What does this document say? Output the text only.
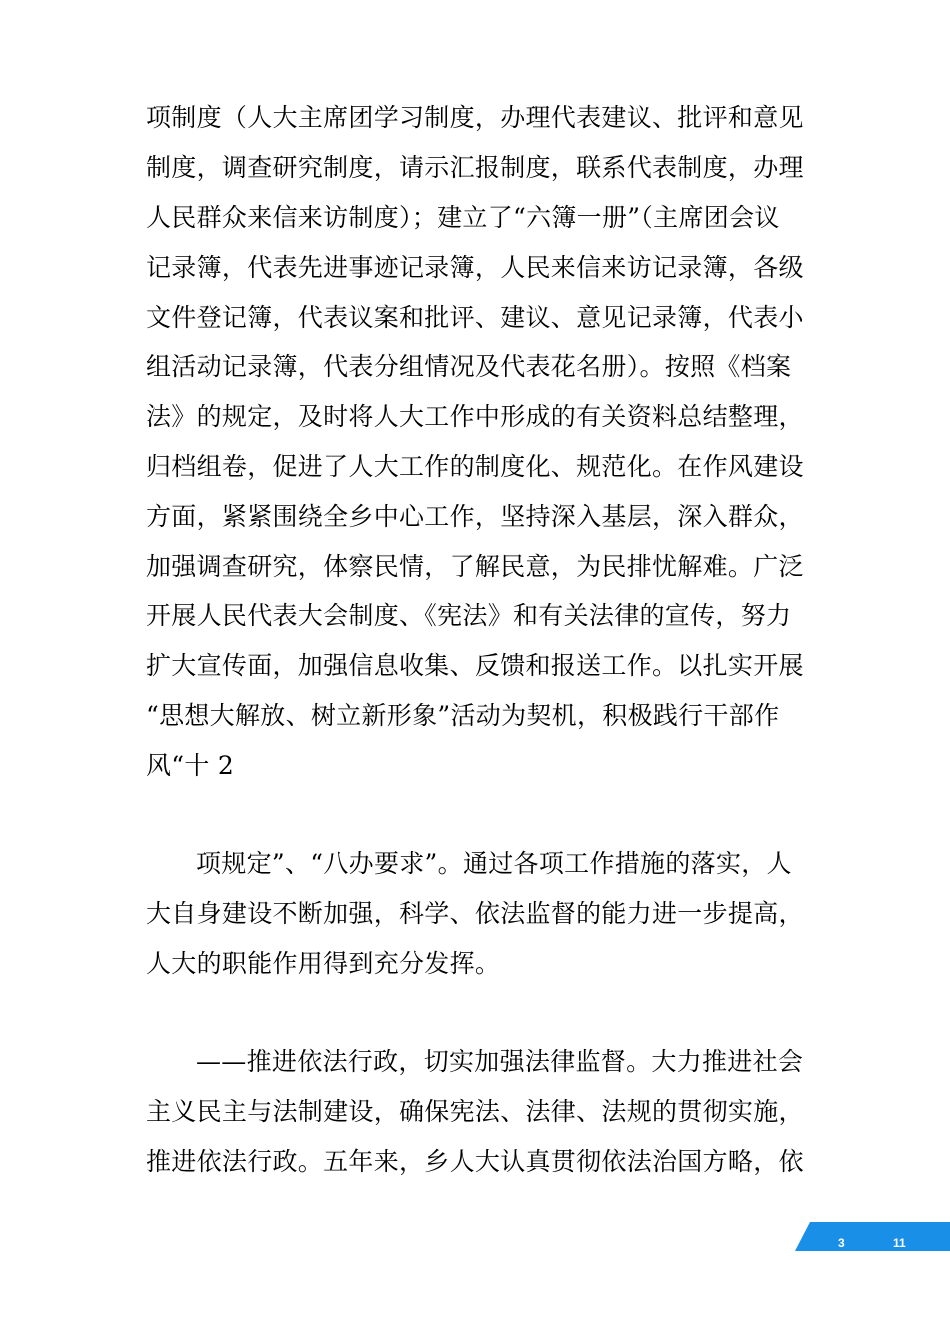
项制度（人大主席团学习制度，办理代表建议、批评和意见
制度，调查研究制度，请示汇报制度，联系代表制度，办理
人民群众来信来访制度）；建立了“六簿一册”（主席团会议
记录簿，代表先进事迹记录簿，人民来信来访记录簿，各级
文件登记簿，代表议案和批评、建议、意见记录簿，代表小
组活动记录簿，代表分组情况及代表花名册）。按照《档案
法》的规定，及时将人大工作中形成的有关资料总结整理，
归档组卷，促进了人大工作的制度化、规范化。在作风建设
方面，紧紧围绕全乡中心工作，坚持深入基层，深入群众，
加强调查研究，体察民情，了解民意，为民排忧解难。广泛
开展人民代表大会制度、《宪法》和有关法律的宣传，努力
扩大宣传面，加强信息收集、反馈和报送工作。以扎实开展
“思想大解放、树立新形象”活动为契机，积极践行干部作
风“十 2
项规定”、“八办要求”。通过各项工作措施的落实，人
大自身建设不断加强，科学、依法监督的能力进一步提高，
人大的职能作用得到充分发挥。
——推进依法行政，切实加强法律监督。大力推进社会
主义民主与法制建设，确保宪法、法律、法规的贯彻实施，
推进依法行政。五年来，乡人大认真贯彻依法治国方略，依
3	11
